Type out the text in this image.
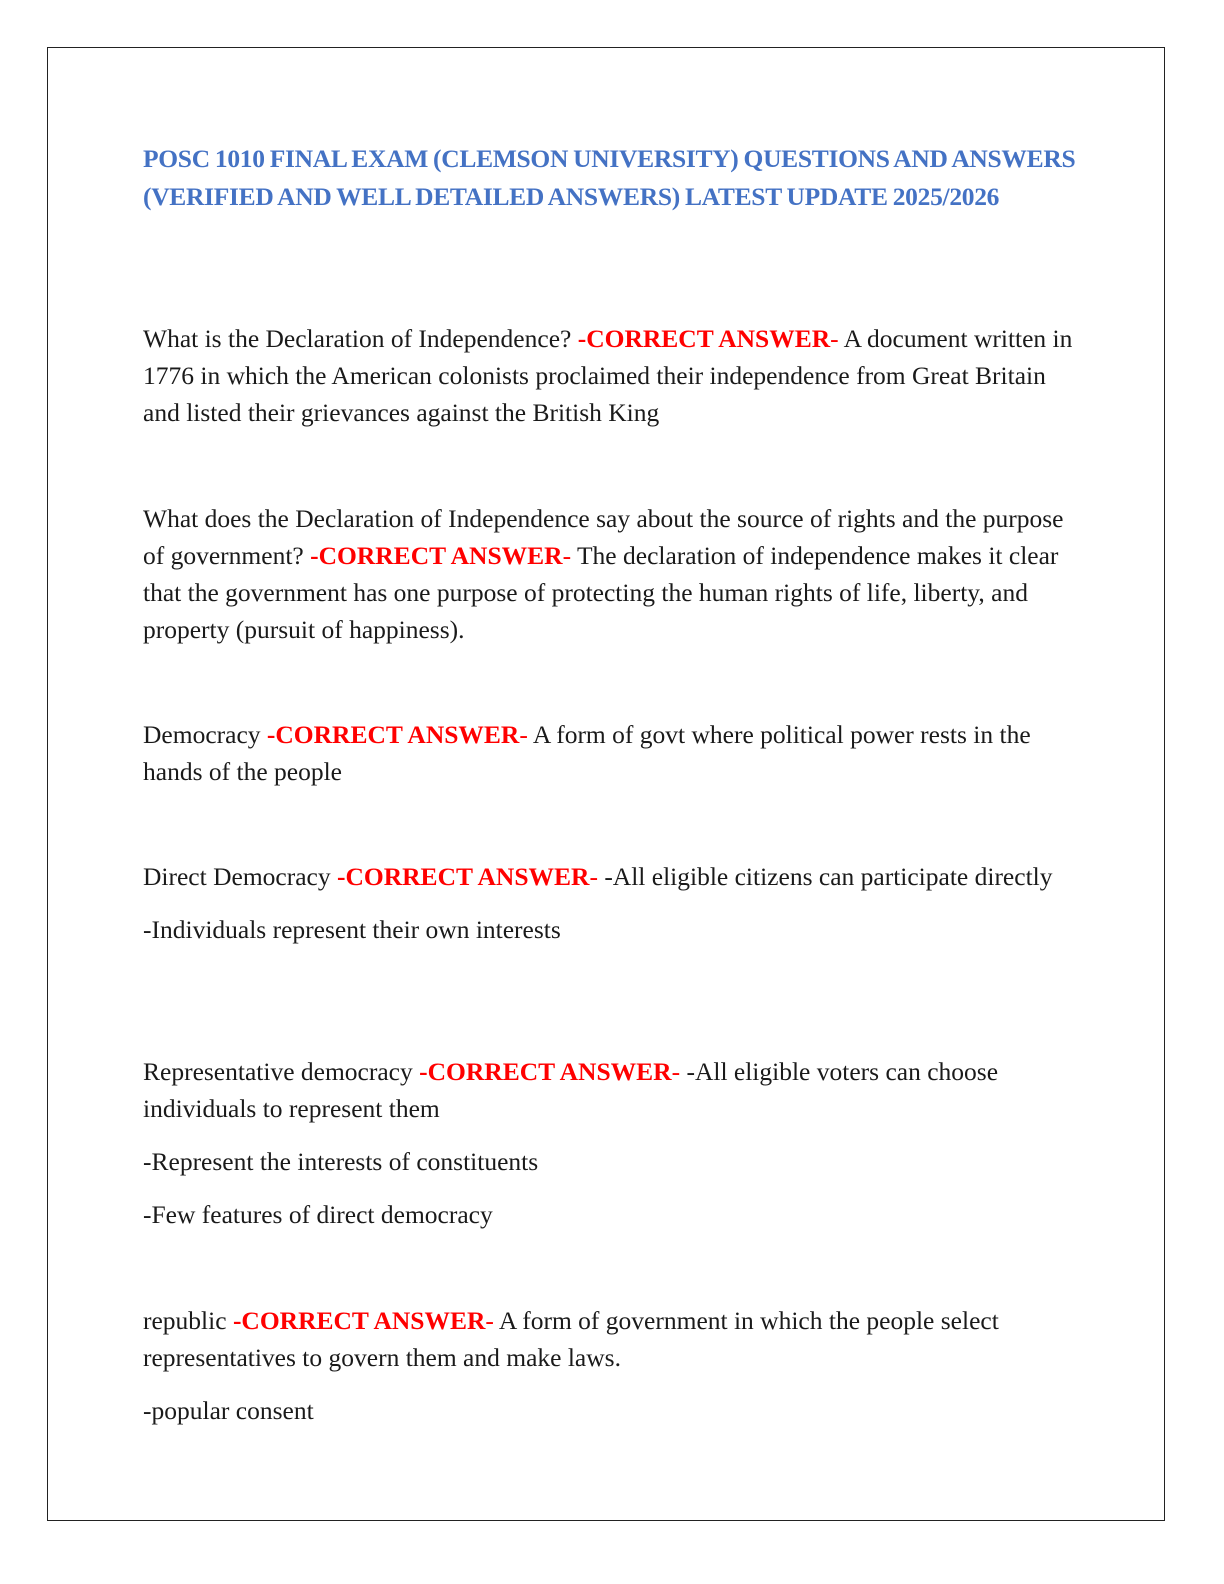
POSC 1010 FINAL EXAM (CLEMSON UNIVERSITY) QUESTIONS AND ANSWERS (VERIFIED AND WELL DETAILED ANSWERS) LATEST UPDATE 2025/2026

What is the Declaration of Independence? -CORRECT ANSWER- A document written in 1776 in which the American colonists proclaimed their independence from Great Britain and listed their grievances against the British King

What does the Declaration of Independence say about the source of rights and the purpose of government? -CORRECT ANSWER- The declaration of independence makes it clear that the government has one purpose of protecting the human rights of life, liberty, and property (pursuit of happiness).

Democracy -CORRECT ANSWER- A form of govt where political power rests in the hands of the people

Direct Democracy -CORRECT ANSWER- -All eligible citizens can participate directly

-Individuals represent their own interests

Representative democracy -CORRECT ANSWER- -All eligible voters can choose individuals to represent them

-Represent the interests of constituents

-Few features of direct democracy

republic -CORRECT ANSWER- A form of government in which the people select representatives to govern them and make laws.

-popular consent
